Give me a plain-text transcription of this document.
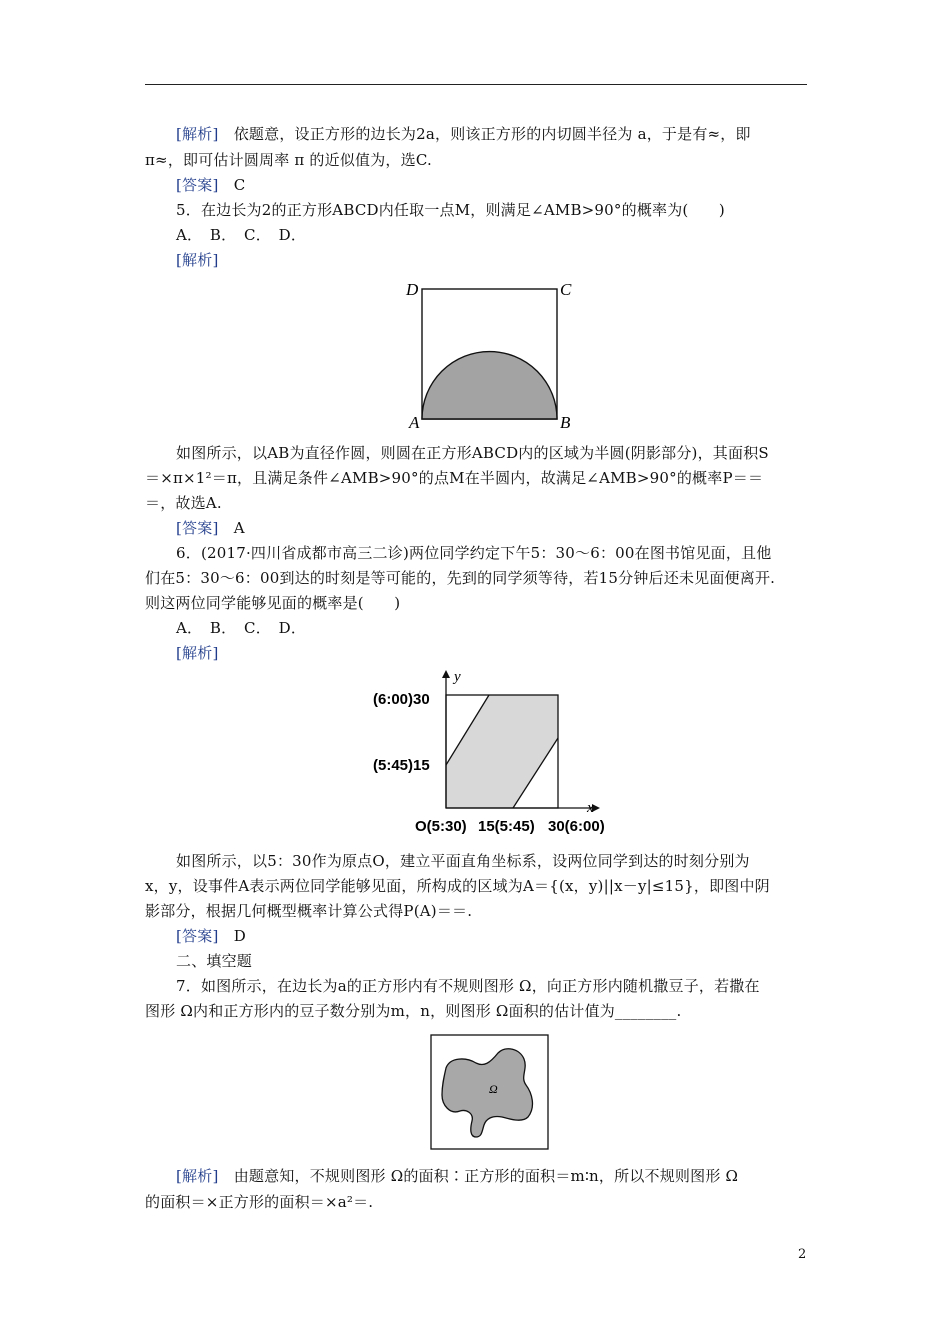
[解析]　 依题意，设正方形的边长为2a，则该正方形的内切圆半径为 a，于是有≈，即
π≈，即可估计圆周率 π 的近似值为，选C.
[答案]　 C
5．在边长为2的正方形ABCD内任取一点M，则满足∠AMB>90°的概率为(　　)
A．　B．　C．　D．
[解析]
D	C
A	B
如图所示，以AB为直径作圆，则圆在正方形ABCD内的区域为半圆(阴影部分)，其面积S
＝×π×1²＝π，且满足条件∠AMB>90°的点M在半圆内，故满足∠AMB>90°的概率P＝＝
＝，故选A.
[答案]　 A
6．(2017·四川省成都市高三二诊)两位同学约定下午5：30～6：00在图书馆见面，且他
们在5：30～6：00到达的时刻是等可能的，先到的同学须等待，若15分钟后还未见面便离开.
则这两位同学能够见面的概率是(　　)
A．　B．　C．　D．
[解析]
y
x
(6:00)30
(5:45)15
O(5:30) 15(5:45) 30(6:00)
如图所示，以5：30作为原点O，建立平面直角坐标系，设两位同学到达的时刻分别为
x，y，设事件A表示两位同学能够见面，所构成的区域为A＝{(x，y)||x－y|≤15}，即图中阴
影部分，根据几何概型概率计算公式得P(A)＝＝.
[答案]　 D
二、填空题
7．如图所示，在边长为a的正方形内有不规则图形 Ω，向正方形内随机撒豆子，若撒在
图形 Ω内和正方形内的豆子数分别为m，n，则图形 Ω面积的估计值为________.
Ω
[解析]　 由题意知，不规则图形 Ω的面积∶正方形的面积＝m∶n，所以不规则图形 Ω
的面积＝×正方形的面积＝×a²＝.
2
